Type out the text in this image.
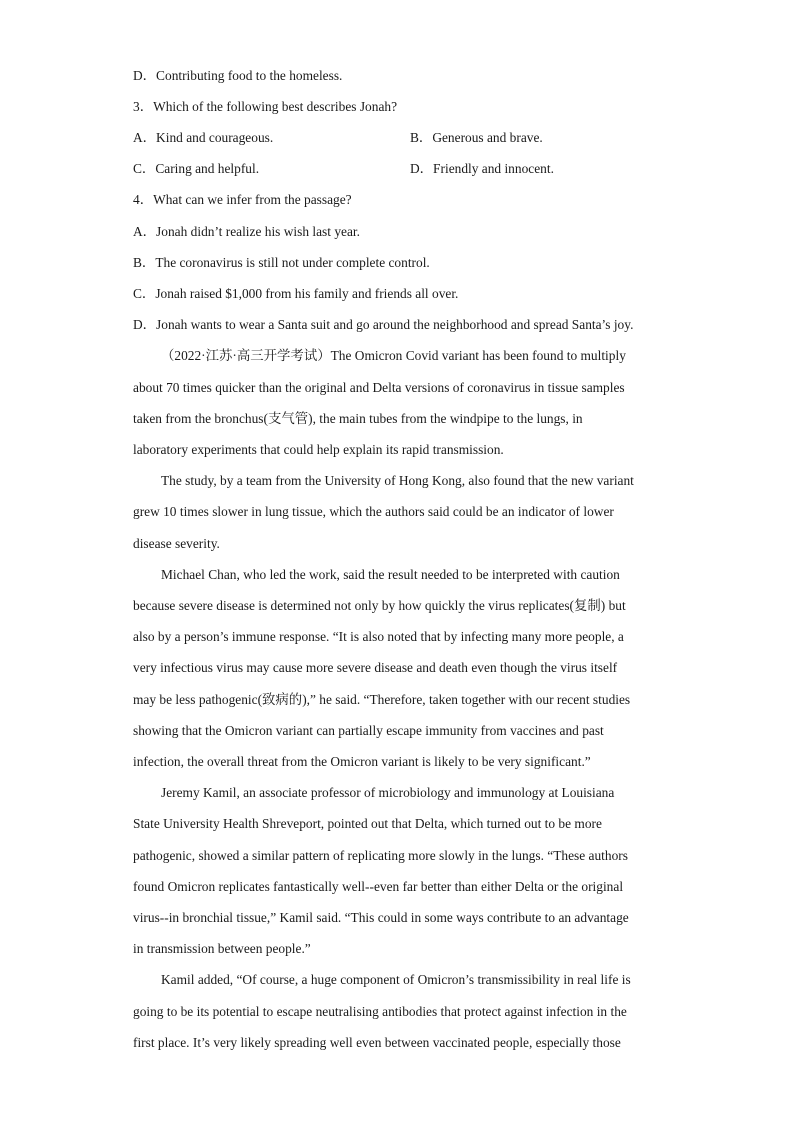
D．Contributing food to the homeless.
3．Which of the following best describes Jonah?
A．Kind and courageous.	B．Generous and brave.
C．Caring and helpful.	D．Friendly and innocent.
4．What can we infer from the passage?
A．Jonah didn’t realize his wish last year.
B．The coronavirus is still not under complete control.
C．Jonah raised $1,000 from his family and friends all over.
D．Jonah wants to wear a Santa suit and go around the neighborhood and spread Santa’s joy.
（2022·江苏·高三开学考试）The Omicron Covid variant has been found to multiply
about 70 times quicker than the original and Delta versions of coronavirus in tissue samples
taken from the bronchus(支气管), the main tubes from the windpipe to the lungs, in
laboratory experiments that could help explain its rapid transmission.
The study, by a team from the University of Hong Kong, also found that the new variant
grew 10 times slower in lung tissue, which the authors said could be an indicator of lower
disease severity.
Michael Chan, who led the work, said the result needed to be interpreted with caution
because severe disease is determined not only by how quickly the virus replicates(复制) but
also by a person’s immune response. “It is also noted that by infecting many more people, a
very infectious virus may cause more severe disease and death even though the virus itself
may be less pathogenic(致病的),” he said. “Therefore, taken together with our recent studies
showing that the Omicron variant can partially escape immunity from vaccines and past
infection, the overall threat from the Omicron variant is likely to be very significant.”
Jeremy Kamil, an associate professor of microbiology and immunology at Louisiana
State University Health Shreveport, pointed out that Delta, which turned out to be more
pathogenic, showed a similar pattern of replicating more slowly in the lungs. “These authors
found Omicron replicates fantastically well--even far better than either Delta or the original
virus--in bronchial tissue,” Kamil said. “This could in some ways contribute to an advantage
in transmission between people.”
Kamil added, “Of course, a huge component of Omicron’s transmissibility in real life is
going to be its potential to escape neutralising antibodies that protect against infection in the
first place. It’s very likely spreading well even between vaccinated people, especially those
